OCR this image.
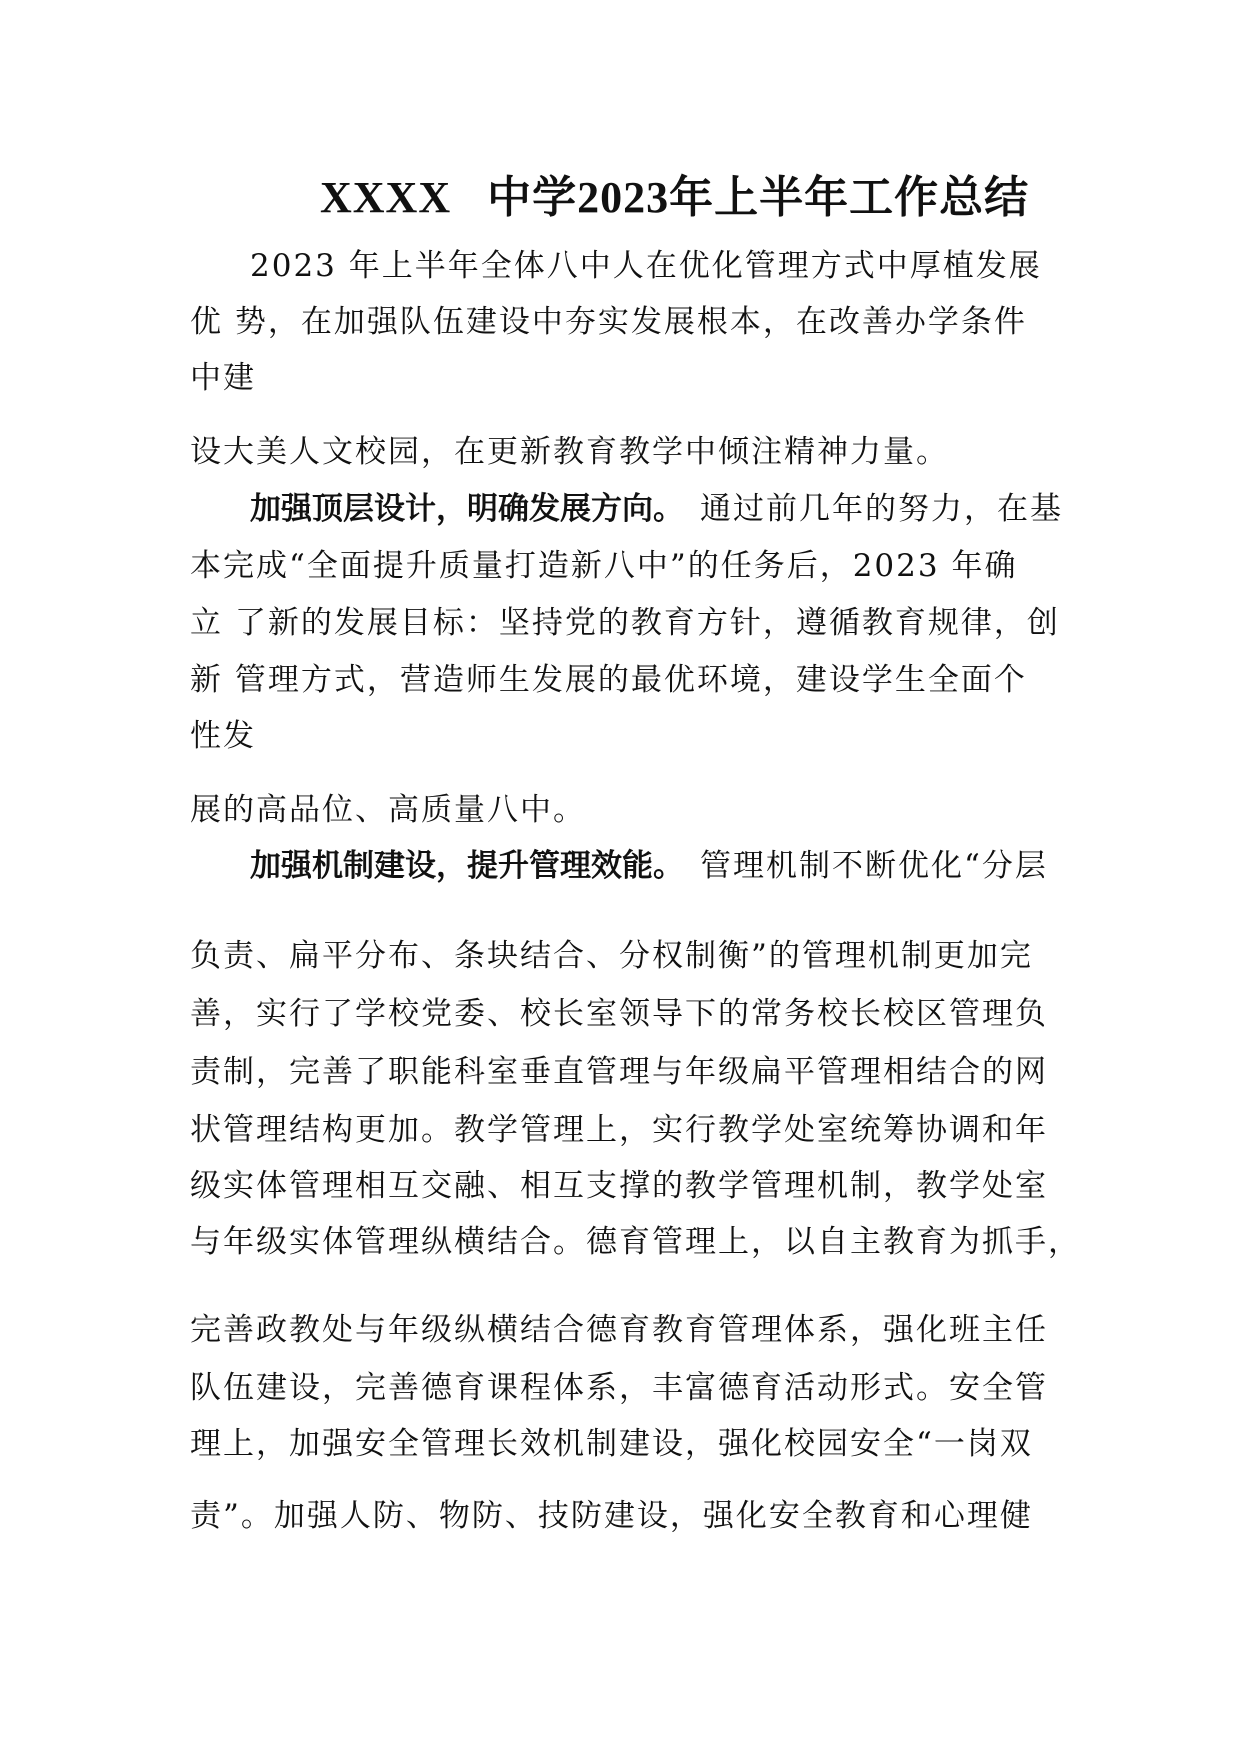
XXXX 中学2023年上半年工作总结
2023 年上半年全体八中人在优化管理方式中厚植发展
优 势，在加强队伍建设中夯实发展根本，在改善办学条件
中建
设大美人文校园，在更新教育教学中倾注精神力量。
加强顶层设计，明确发展方向。 通过前几年的努力，在基
本完成“全面提升质量打造新八中”的任务后，2023 年确
立 了新的发展目标：坚持党的教育方针，遵循教育规律，创
新 管理方式，营造师生发展的最优环境，建设学生全面个
性发
展的高品位、高质量八中。
加强机制建设，提升管理效能。 管理机制不断优化“分层
负责、扁平分布、条块结合、分权制衡”的管理机制更加完
善，实行了学校党委、校长室领导下的常务校长校区管理负
责制，完善了职能科室垂直管理与年级扁平管理相结合的网
状管理结构更加。教学管理上，实行教学处室统筹协调和年
级实体管理相互交融、相互支撑的教学管理机制，教学处室
与年级实体管理纵横结合。德育管理上，以自主教育为抓手，
完善政教处与年级纵横结合德育教育管理体系，强化班主任
队伍建设，完善德育课程体系，丰富德育活动形式。安全管
理上，加强安全管理长效机制建设，强化校园安全“一岗双
责”。加强人防、物防、技防建设，强化安全教育和心理健
